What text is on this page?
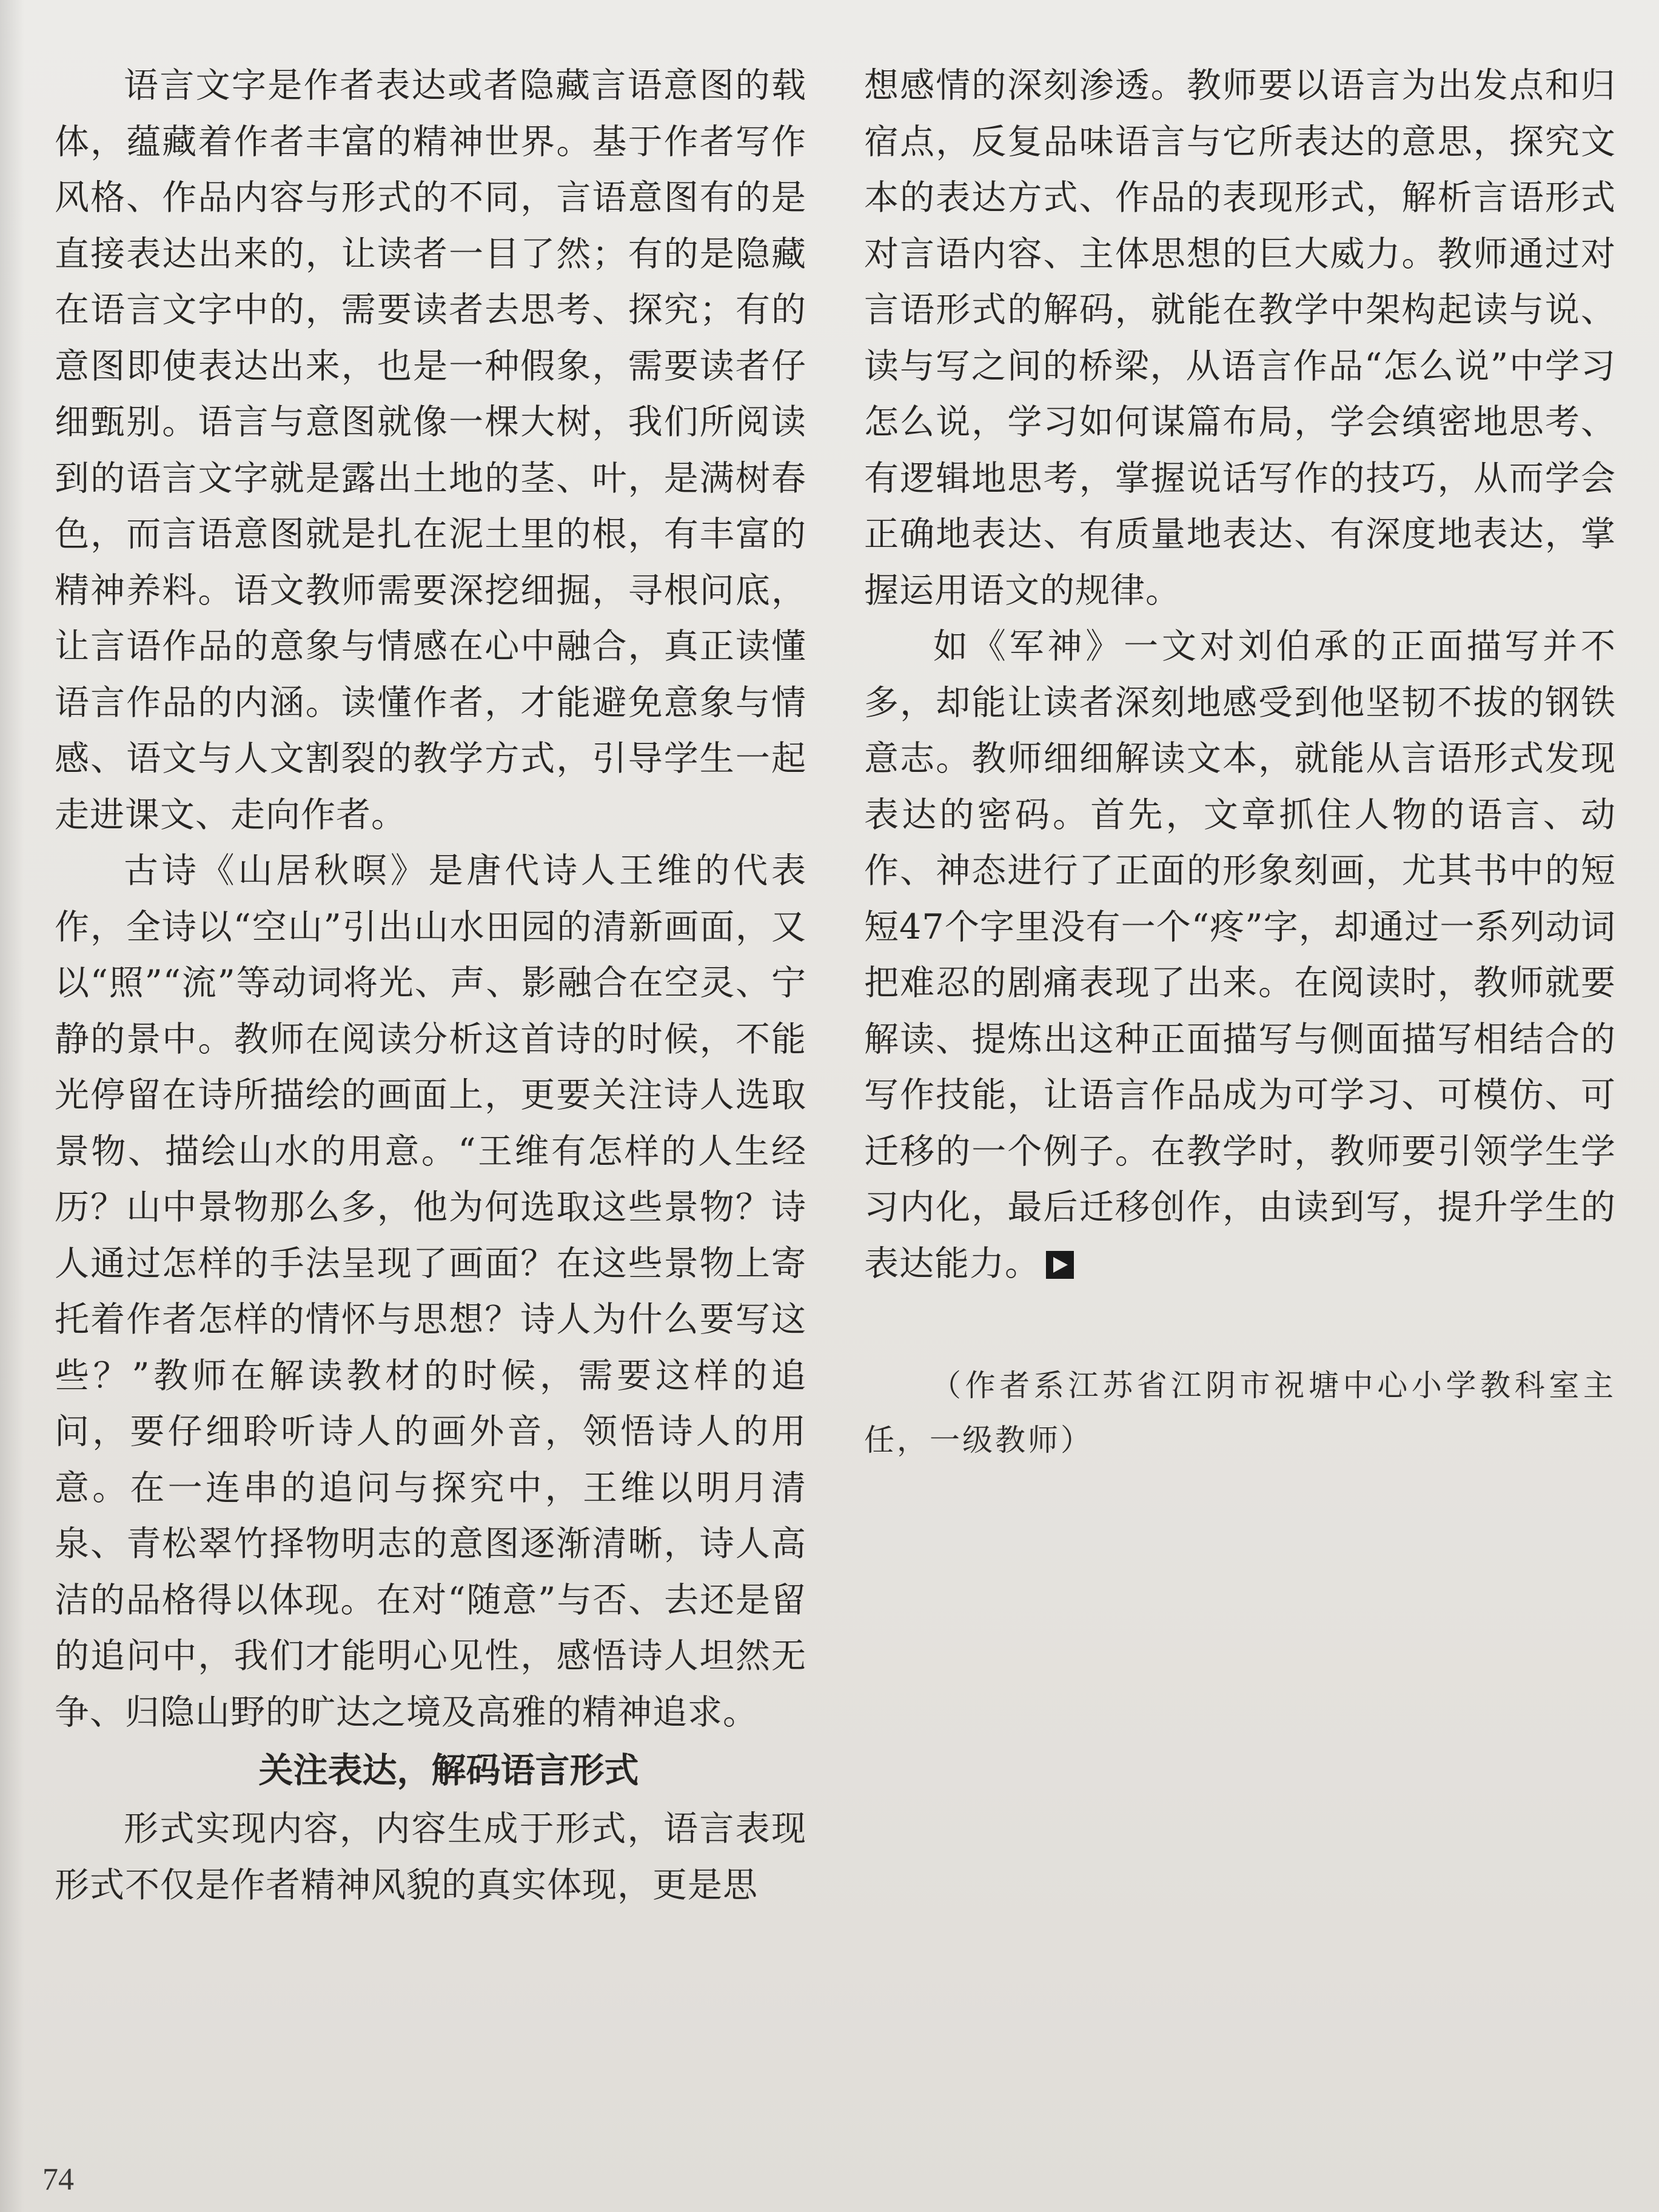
语言文字是作者表达或者隐藏言语意图的载体，蕴藏着作者丰富的精神世界。基于作者写作风格、作品内容与形式的不同，言语意图有的是直接表达出来的，让读者一目了然；有的是隐藏在语言文字中的，需要读者去思考、探究；有的意图即使表达出来，也是一种假象，需要读者仔细甄别。语言与意图就像一棵大树，我们所阅读到的语言文字就是露出土地的茎、叶，是满树春色，而言语意图就是扎在泥土里的根，有丰富的精神养料。语文教师需要深挖细掘，寻根问底，让言语作品的意象与情感在心中融合，真正读懂语言作品的内涵。读懂作者，才能避免意象与情感、语文与人文割裂的教学方式，引导学生一起走进课文、走向作者。

古诗《山居秋暝》是唐代诗人王维的代表作，全诗以“空山”引出山水田园的清新画面，又以“照”“流”等动词将光、声、影融合在空灵、宁静的景中。教师在阅读分析这首诗的时候，不能光停留在诗所描绘的画面上，更要关注诗人选取景物、描绘山水的用意。“王维有怎样的人生经历？山中景物那么多，他为何选取这些景物？诗人通过怎样的手法呈现了画面？在这些景物上寄托着作者怎样的情怀与思想？诗人为什么要写这些？”教师在解读教材的时候，需要这样的追问，要仔细聆听诗人的画外音，领悟诗人的用意。在一连串的追问与探究中，王维以明月清泉、青松翠竹择物明志的意图逐渐清晰，诗人高洁的品格得以体现。在对“随意”与否、去还是留的追问中，我们才能明心见性，感悟诗人坦然无争、归隐山野的旷达之境及高雅的精神追求。

关注表达，解码语言形式

形式实现内容，内容生成于形式，语言表现形式不仅是作者精神风貌的真实体现，更是思

想感情的深刻渗透。教师要以语言为出发点和归宿点，反复品味语言与它所表达的意思，探究文本的表达方式、作品的表现形式，解析言语形式对言语内容、主体思想的巨大威力。教师通过对言语形式的解码，就能在教学中架构起读与说、读与写之间的桥梁，从语言作品“怎么说”中学习怎么说，学习如何谋篇布局，学会缜密地思考、有逻辑地思考，掌握说话写作的技巧，从而学会正确地表达、有质量地表达、有深度地表达，掌握运用语文的规律。

如《军神》一文对刘伯承的正面描写并不多，却能让读者深刻地感受到他坚韧不拔的钢铁意志。教师细细解读文本，就能从言语形式发现表达的密码。首先，文章抓住人物的语言、动作、神态进行了正面的形象刻画，尤其书中的短短47个字里没有一个“疼”字，却通过一系列动词把难忍的剧痛表现了出来。在阅读时，教师就要解读、提炼出这种正面描写与侧面描写相结合的写作技能，让语言作品成为可学习、可模仿、可迁移的一个例子。在教学时，教师要引领学生学习内化，最后迁移创作，由读到写，提升学生的表达能力。

（作者系江苏省江阴市祝塘中心小学教科室主任，一级教师）

74
